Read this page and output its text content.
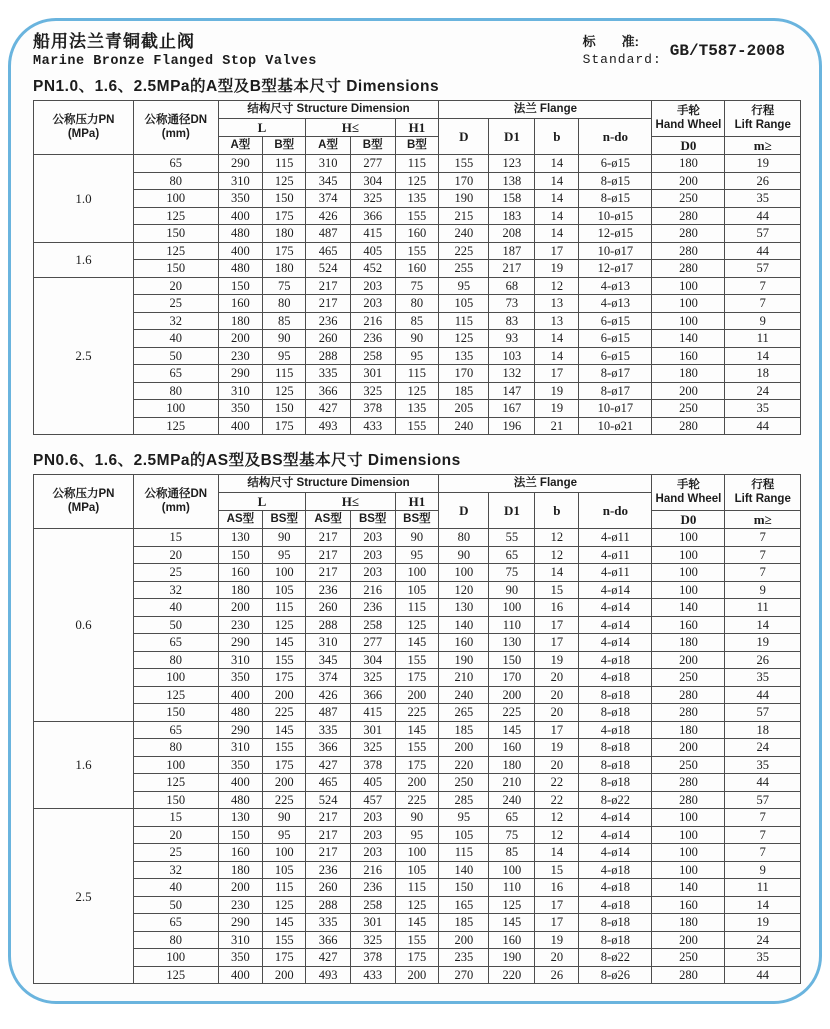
船用法兰青铜截止阀
Marine Bronze Flanged Stop Valves
标　　准:
Standard: GB/T587-2008
PN1.0、1.6、2.5MPa的A型及B型基本尺寸 Dimensions
公称压力PN
(MPa)	公称通径DN
(mm)	结构尺寸 Structure Dimension					法兰 Flange				手轮
Hand Wheel	行程
Lift Range
		L		H≤		H1	D	D1	b	n-do		
		A型	B型	A型	B型	B型					D0	m≥
1.0	65	290	115	310	277	115	155	123	14	6-ø15	180	19
	80	310	125	345	304	125	170	138	14	8-ø15	200	26
	100	350	150	374	325	135	190	158	14	8-ø15	250	35
	125	400	175	426	366	155	215	183	14	10-ø15	280	44
	150	480	180	487	415	160	240	208	14	12-ø15	280	57
1.6	125	400	175	465	405	155	225	187	17	10-ø17	280	44
	150	480	180	524	452	160	255	217	19	12-ø17	280	57
2.5	20	150	75	217	203	75	95	68	12	4-ø13	100	7
	25	160	80	217	203	80	105	73	13	4-ø13	100	7
	32	180	85	236	216	85	115	83	13	6-ø15	100	9
	40	200	90	260	236	90	125	93	14	6-ø15	140	11
	50	230	95	288	258	95	135	103	14	6-ø15	160	14
	65	290	115	335	301	115	170	132	17	8-ø17	180	18
	80	310	125	366	325	125	185	147	19	8-ø17	200	24
	100	350	150	427	378	135	205	167	19	10-ø17	250	35
	125	400	175	493	433	155	240	196	21	10-ø21	280	44
PN0.6、1.6、2.5MPa的AS型及BS型基本尺寸 Dimensions
公称压力PN
(MPa)	公称通径DN
(mm)	结构尺寸 Structure Dimension					法兰 Flange				手轮
Hand Wheel	行程
Lift Range
		L		H≤		H1	D	D1	b	n-do		
		AS型	BS型	AS型	BS型	BS型					D0	m≥
0.6	15	130	90	217	203	90	80	55	12	4-ø11	100	7
	20	150	95	217	203	95	90	65	12	4-ø11	100	7
	25	160	100	217	203	100	100	75	14	4-ø11	100	7
	32	180	105	236	216	105	120	90	15	4-ø14	100	9
	40	200	115	260	236	115	130	100	16	4-ø14	140	11
	50	230	125	288	258	125	140	110	17	4-ø14	160	14
	65	290	145	310	277	145	160	130	17	4-ø14	180	19
	80	310	155	345	304	155	190	150	19	4-ø18	200	26
	100	350	175	374	325	175	210	170	20	4-ø18	250	35
	125	400	200	426	366	200	240	200	20	8-ø18	280	44
	150	480	225	487	415	225	265	225	20	8-ø18	280	57
1.6	65	290	145	335	301	145	185	145	17	4-ø18	180	18
	80	310	155	366	325	155	200	160	19	8-ø18	200	24
	100	350	175	427	378	175	220	180	20	8-ø18	250	35
	125	400	200	465	405	200	250	210	22	8-ø18	280	44
	150	480	225	524	457	225	285	240	22	8-ø22	280	57
2.5	15	130	90	217	203	90	95	65	12	4-ø14	100	7
	20	150	95	217	203	95	105	75	12	4-ø14	100	7
	25	160	100	217	203	100	115	85	14	4-ø14	100	7
	32	180	105	236	216	105	140	100	15	4-ø18	100	9
	40	200	115	260	236	115	150	110	16	4-ø18	140	11
	50	230	125	288	258	125	165	125	17	4-ø18	160	14
	65	290	145	335	301	145	185	145	17	8-ø18	180	19
	80	310	155	366	325	155	200	160	19	8-ø18	200	24
	100	350	175	427	378	175	235	190	20	8-ø22	250	35
	125	400	200	493	433	200	270	220	26	8-ø26	280	44
